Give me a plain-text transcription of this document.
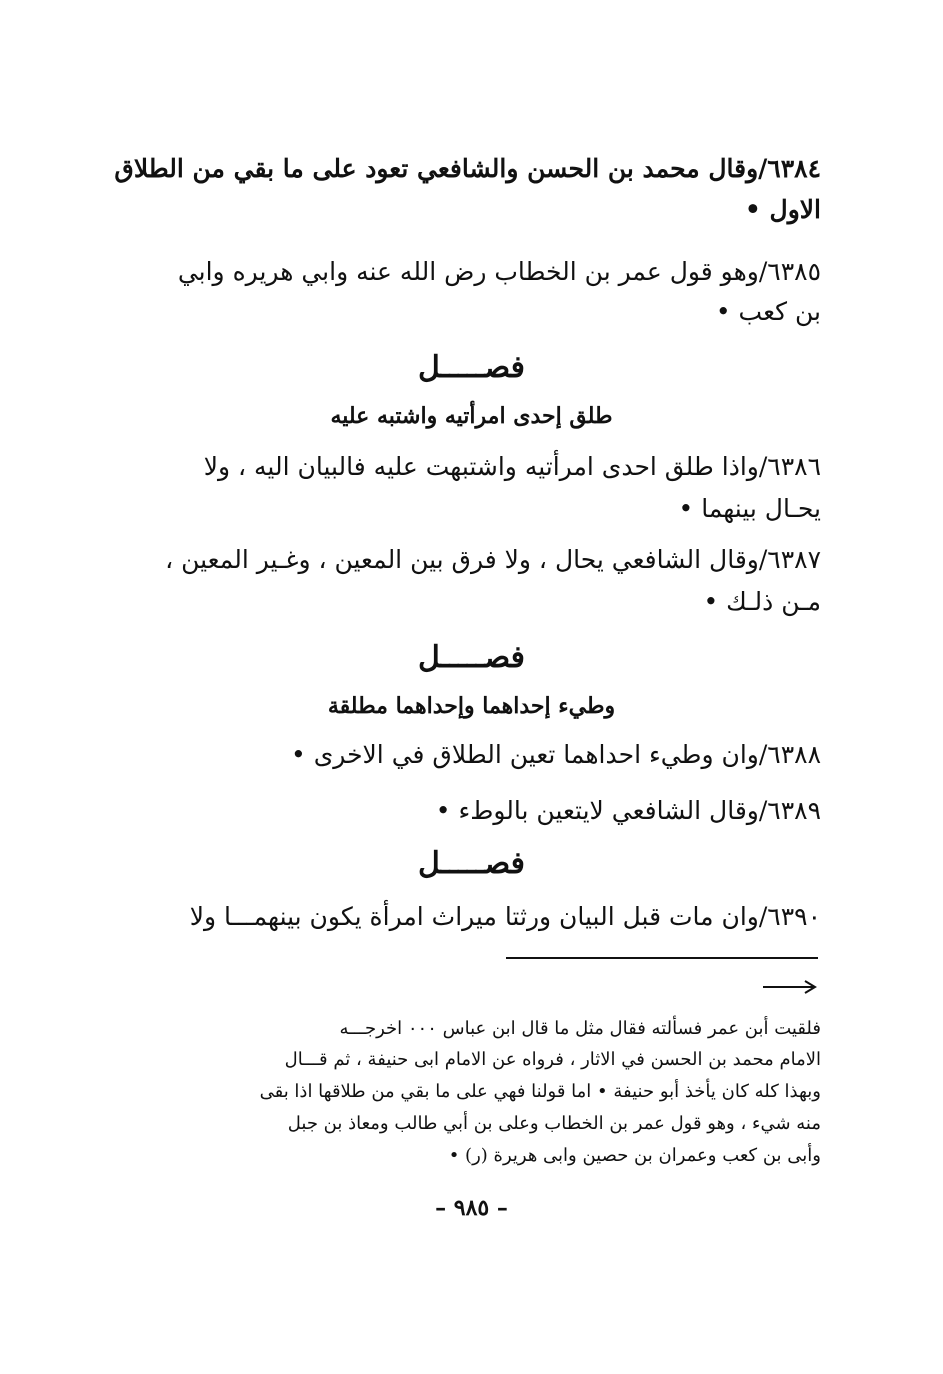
٦٣٨٤/وقال محمد بن الحسن والشافعي تعود على ما بقي من الطلاق
الاول •
٦٣٨٥/وهو قول عمر بن الخطاب رض الله عنه وابي هريره وابي
بن كعب •
فصـــــل
طلق إحدى امرأتيه واشتبه عليه
٦٣٨٦/واذا طلق احدى امرأتيه واشتبهت عليه فالبيان اليه ، ولا
يحـال بينهما •
٦٣٨٧/وقال الشافعي يحال ، ولا فرق بين المعين ، وغـير المعين ،
مـن ذلـك •
فصـــــل
وطيء إحداهما وإحداهما مطلقة
٦٣٨٨/وان وطيء احداهما تعين الطلاق في الاخرى •
٦٣٨٩/وقال الشافعي لايتعين بالوطء •
فصـــــل
٦٣٩٠/وان مات قبل البيان ورثتا ميراث امرأة يكون بينهمـــا ولا
فلقيت أبن عمر فسألته فقال مثل ما قال ابن عباس ٠٠٠ اخرجـــه
الامام محمد بن الحسن في الاثار ، فرواه عن الامام ابى حنيفة ، ثم قـــال
وبهذا كله كان يأخذ أبو حنيفة • اما قولنا فهي على ما بقي من طلاقها اذا بقى
منه شيء ، وهو قول عمر بن الخطاب وعلى بن أبي طالب ومعاذ بن جبل
وأبى بن كعب وعمران بن حصين وابى هريرة (ر) •
– ٩٨٥ –
